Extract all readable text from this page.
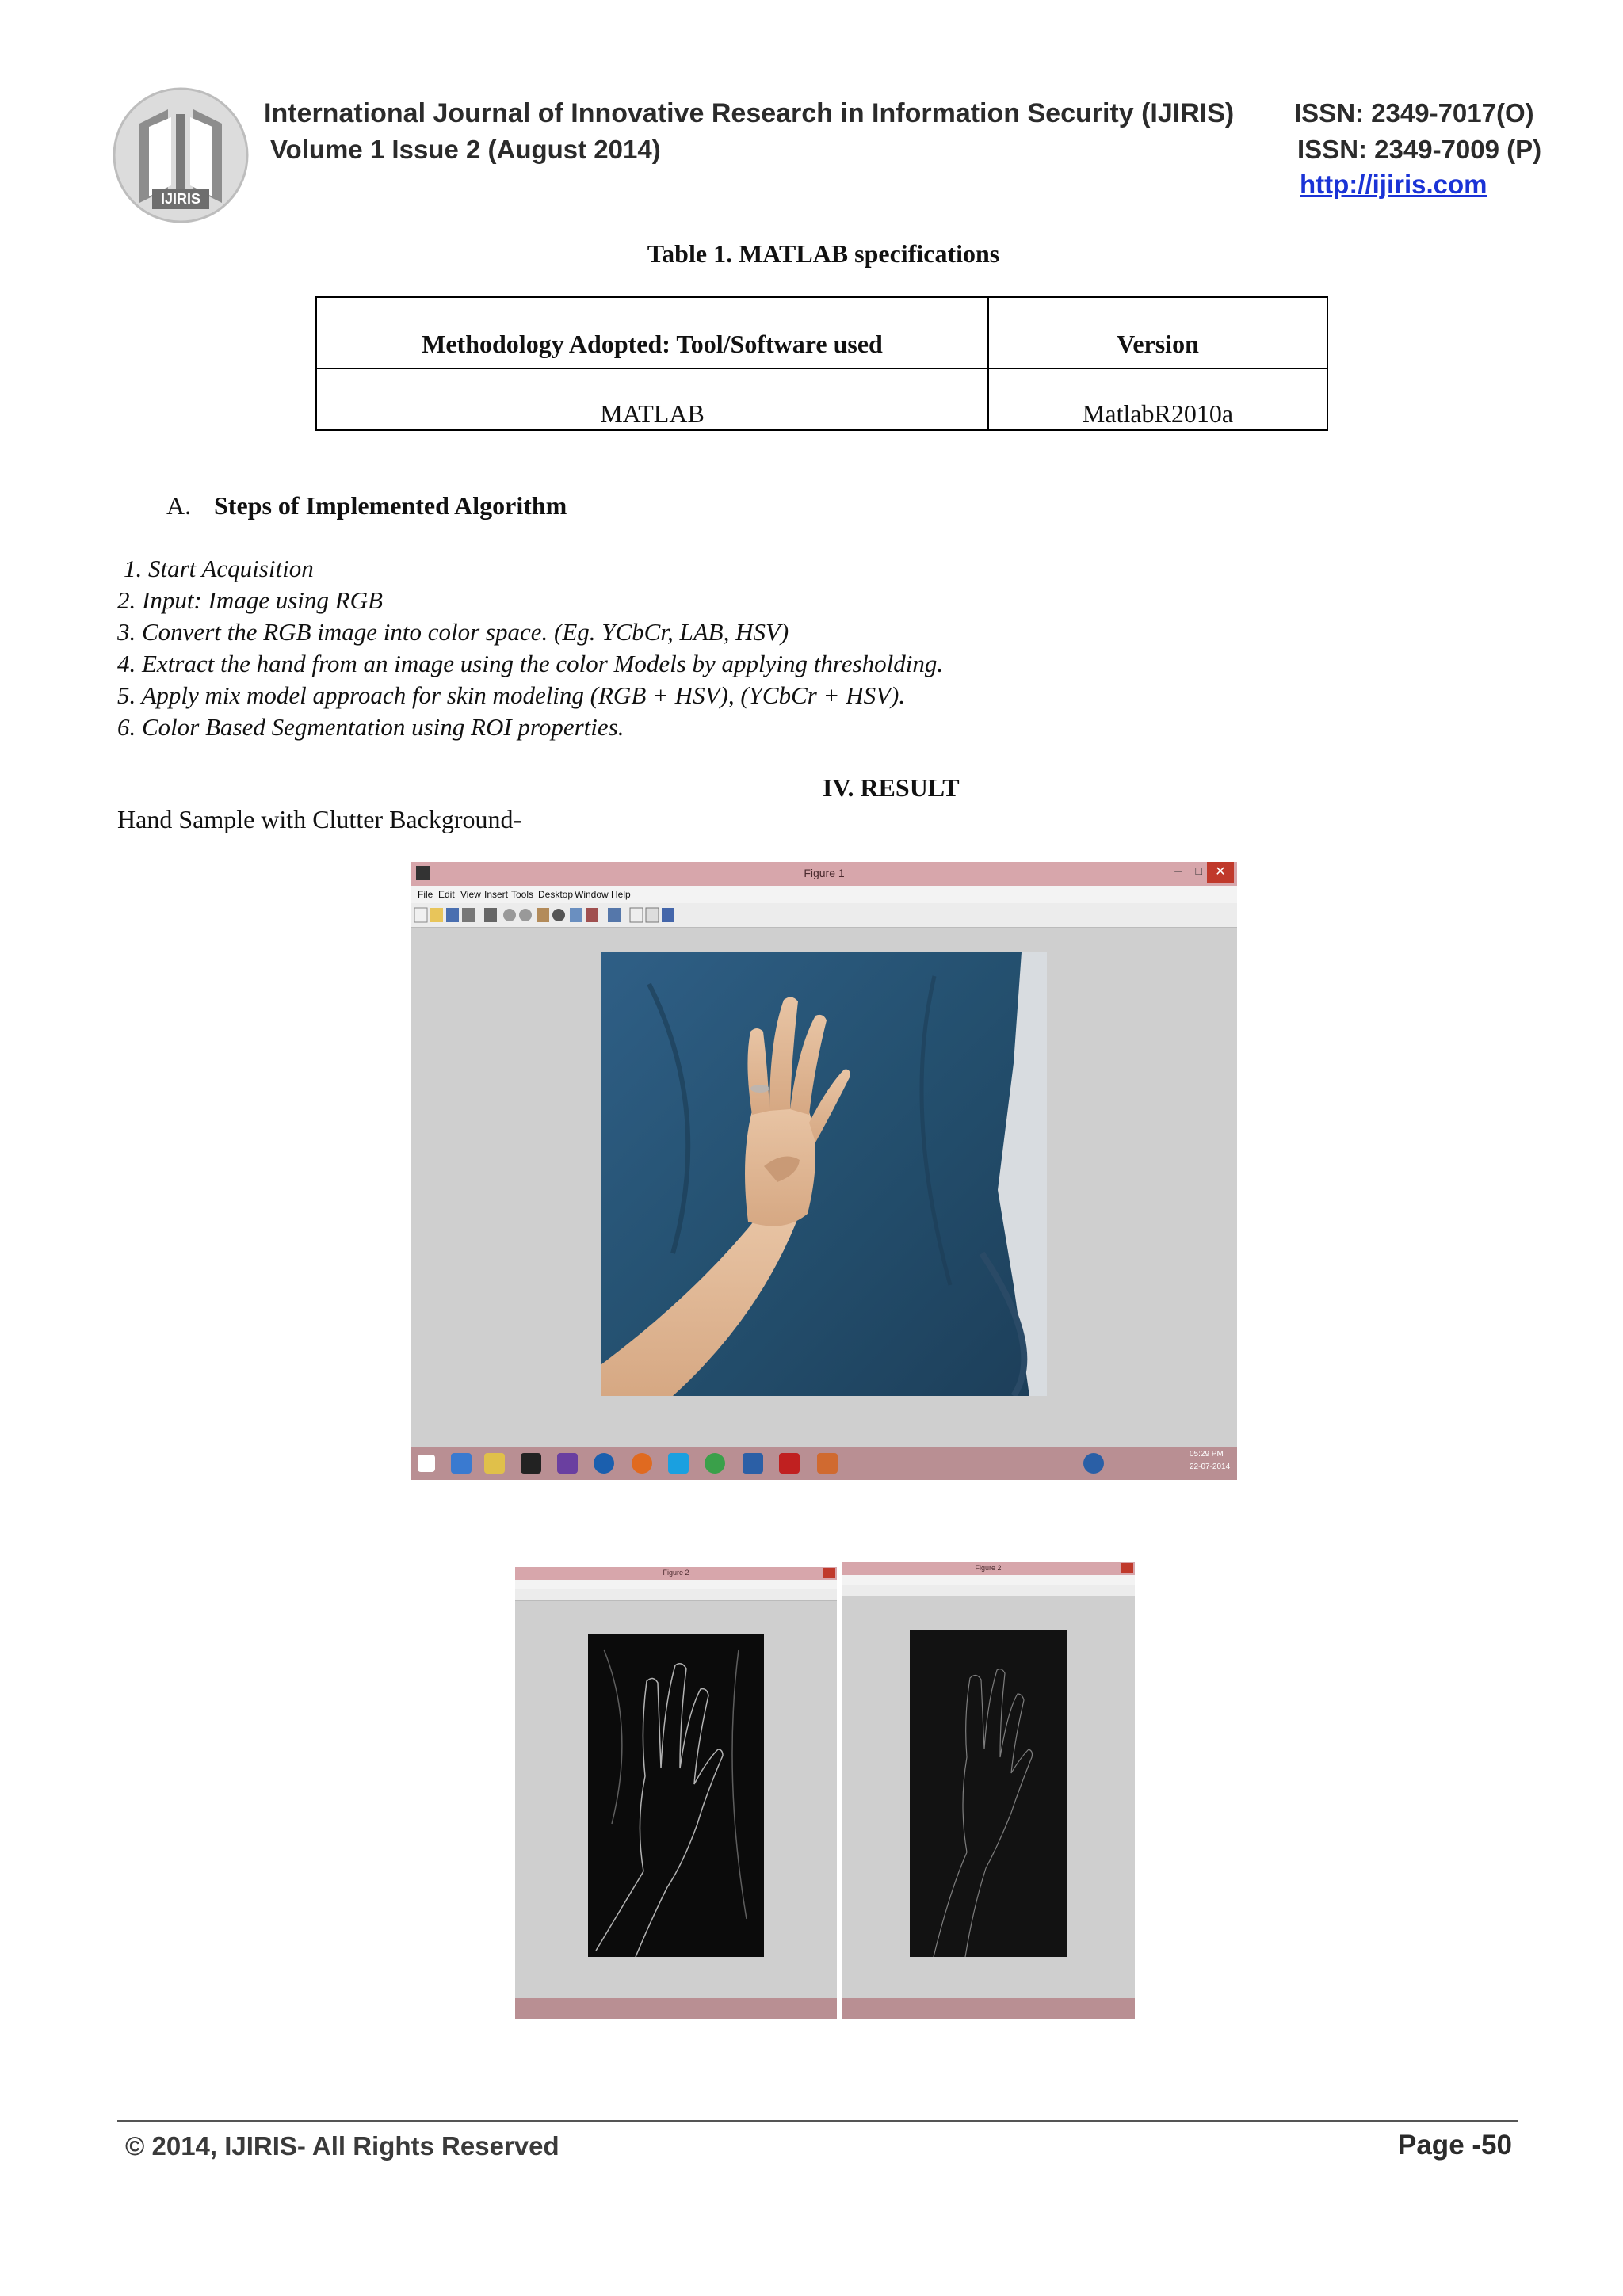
IJIRIS
International Journal of Innovative Research in Information Security (IJIRIS)
Volume 1 Issue 2 (August 2014)
ISSN: 2349-7017(O)
ISSN: 2349-7009 (P)
http://ijiris.com
Table 1. MATLAB specifications
Methodology Adopted: Tool/Software used	Version
MATLAB	MatlabR2010a
A. Steps of Implemented Algorithm
1. Start Acquisition
2. Input: Image using RGB
3. Convert the RGB image into color space. (Eg. YCbCr, LAB, HSV)
4. Extract the hand from an image using the color Models by applying thresholding.
5. Apply mix model approach for skin modeling (RGB + HSV), (YCbCr + HSV).
6. Color Based Segmentation using ROI properties.
IV. RESULT
Hand Sample with Clutter Background-
Figure 1	– □	✕
File Edit View Insert Tools Desktop Window Help
05:29 PM
22-07-2014
Figure 2
Figure 2
© 2014, IJIRIS- All Rights Reserved	Page -50
